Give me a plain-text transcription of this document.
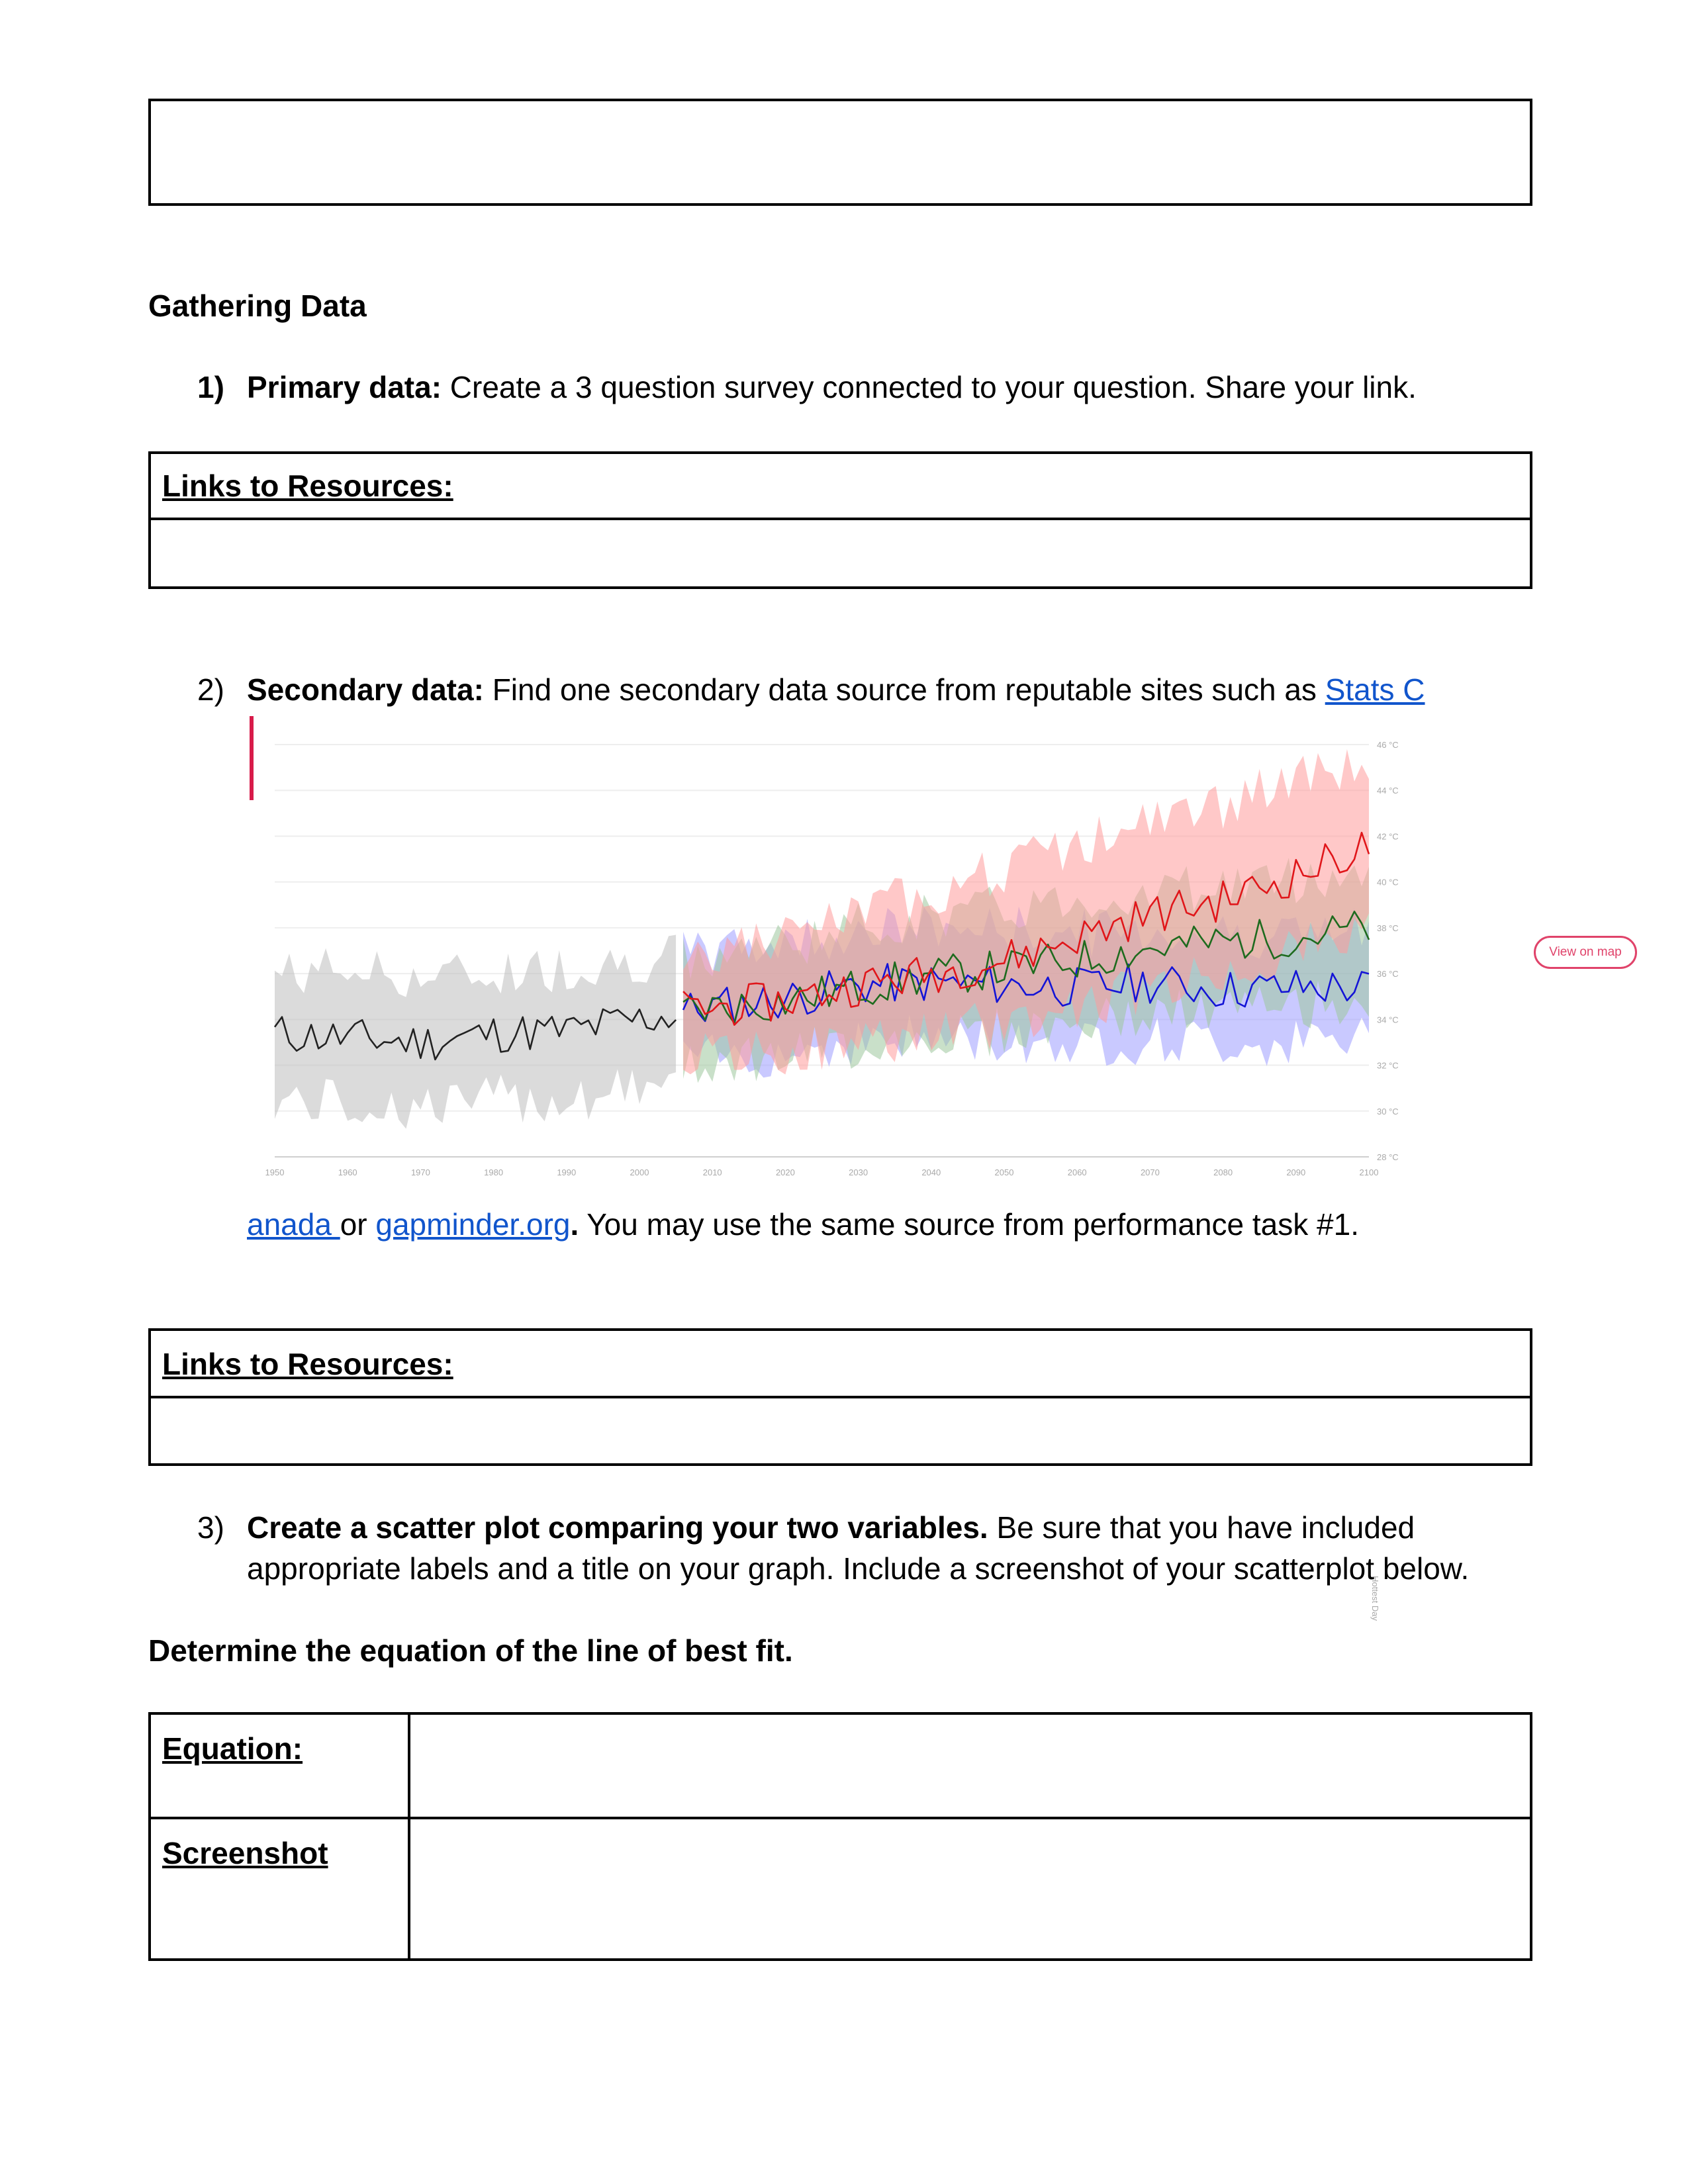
Gathering Data
1) Primary data: Create a 3 question survey connected to your question. Share your link.
Links to Resources:
2) Secondary data: Find one secondary data source from reputable sites such as Stats C
1950	1960	1970	1980	1990	2000	2010	2020	2030	2040	2050	2060	2070	2080	2090	2100
28 °C
30 °C
32 °C
34 °C
36 °C
38 °C
40 °C
42 °C
44 °C
46 °C
Hottest Day
View on map
anada or gapminder.org. You may use the same source from performance task #1.
Links to Resources:
3) Create a scatter plot comparing your two variables. Be sure that you have included
appropriate labels and a title on your graph. Include a screenshot of your scatterplot below.
Determine the equation of the line of best fit.
Equation:
Screenshot
